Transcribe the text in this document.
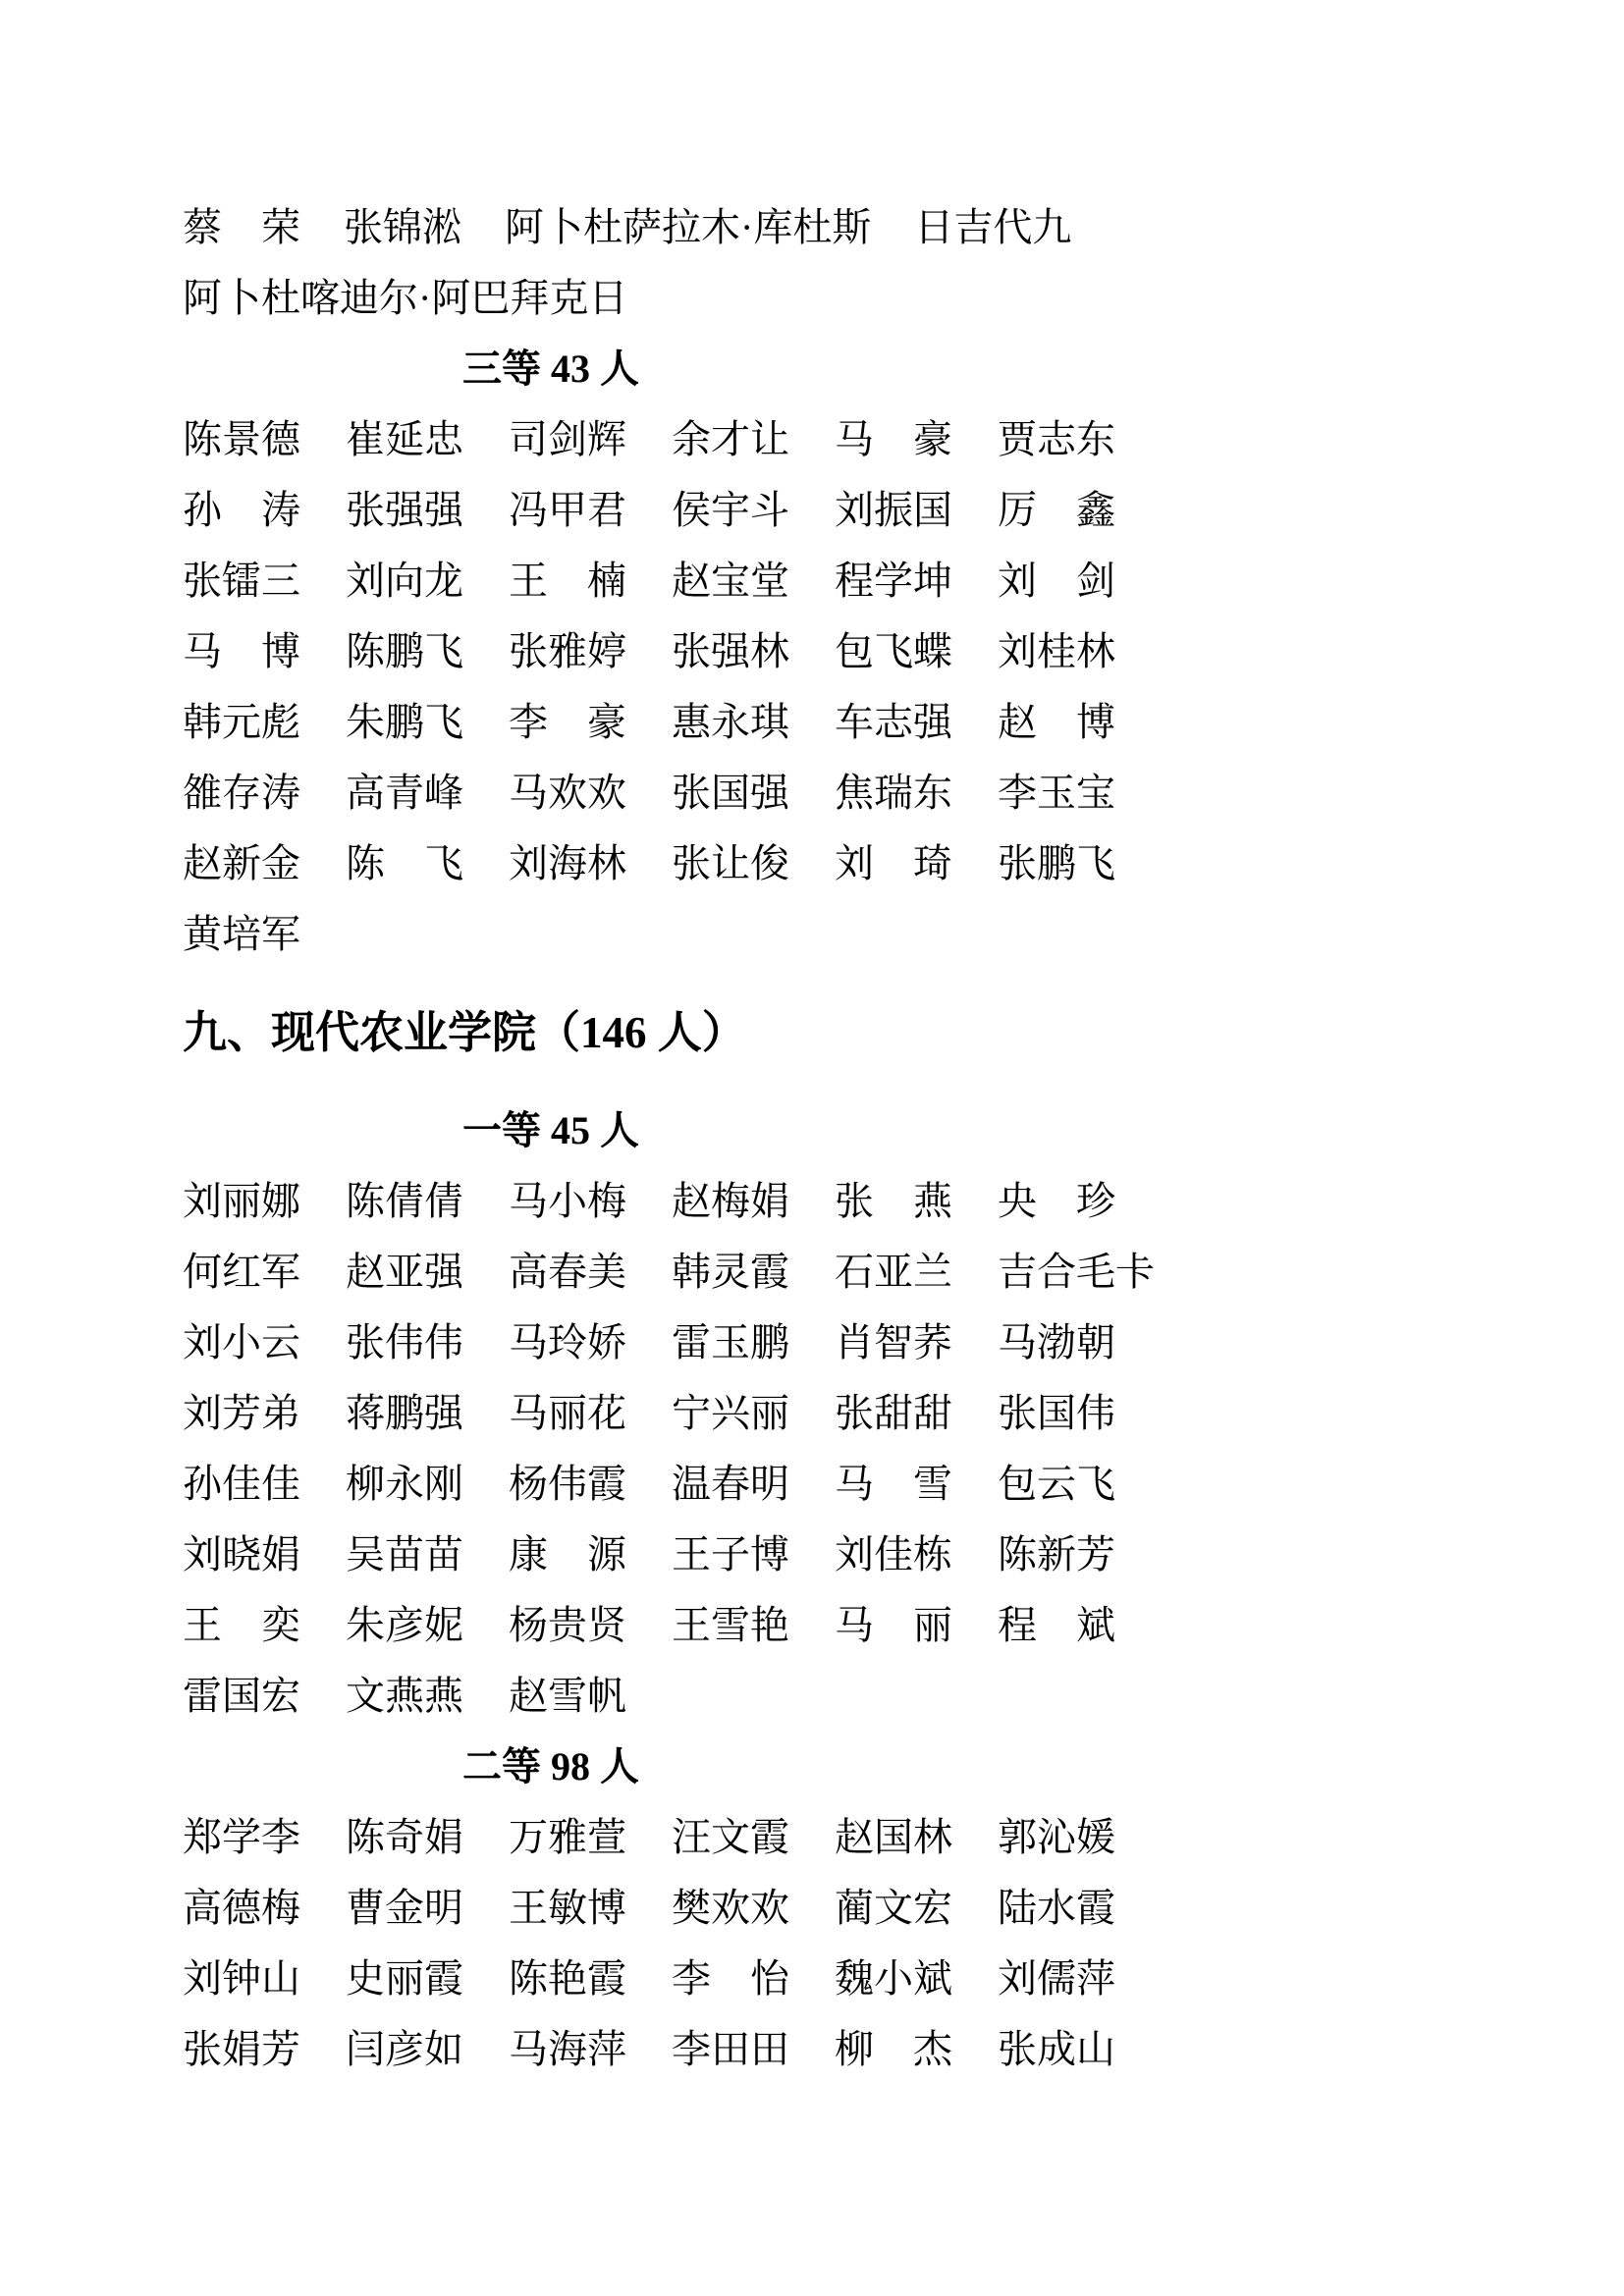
蔡　荣 张锦淞 阿卜杜萨拉木·库杜斯 日吉代九
阿卜杜喀迪尔·阿巴拜克日
三等 43 人
陈景德	崔延忠	司剑辉	余才让	马　豪	贾志东
孙　涛	张强强	冯甲君	侯宇斗	刘振国	厉　鑫
张镭三	刘向龙	王　楠	赵宝堂	程学坤	刘　剑
马　博	陈鹏飞	张雅婷	张强林	包飞蝶	刘桂林
韩元彪	朱鹏飞	李　豪	惠永琪	车志强	赵　博
雒存涛	高青峰	马欢欢	张国强	焦瑞东	李玉宝
赵新金	陈　飞	刘海林	张让俊	刘　琦	张鹏飞
黄培军
九、现代农业学院（146 人）
一等 45 人
刘丽娜	陈倩倩	马小梅	赵梅娟	张　燕	央　珍
何红军	赵亚强	高春美	韩灵霞	石亚兰	吉合毛卡
刘小云	张伟伟	马玲娇	雷玉鹏	肖智荞	马渤朝
刘芳弟	蒋鹏强	马丽花	宁兴丽	张甜甜	张国伟
孙佳佳	柳永刚	杨伟霞	温春明	马　雪	包云飞
刘晓娟	吴苗苗	康　源	王子博	刘佳栋	陈新芳
王　奕	朱彦妮	杨贵贤	王雪艳	马　丽	程　斌
雷国宏	文燕燕	赵雪帆
二等 98 人
郑学李	陈奇娟	万雅萱	汪文霞	赵国林	郭沁媛
高德梅	曹金明	王敏博	樊欢欢	蔺文宏	陆水霞
刘钟山	史丽霞	陈艳霞	李　怡	魏小斌	刘儒萍
张娟芳	闫彦如	马海萍	李田田	柳　杰	张成山
